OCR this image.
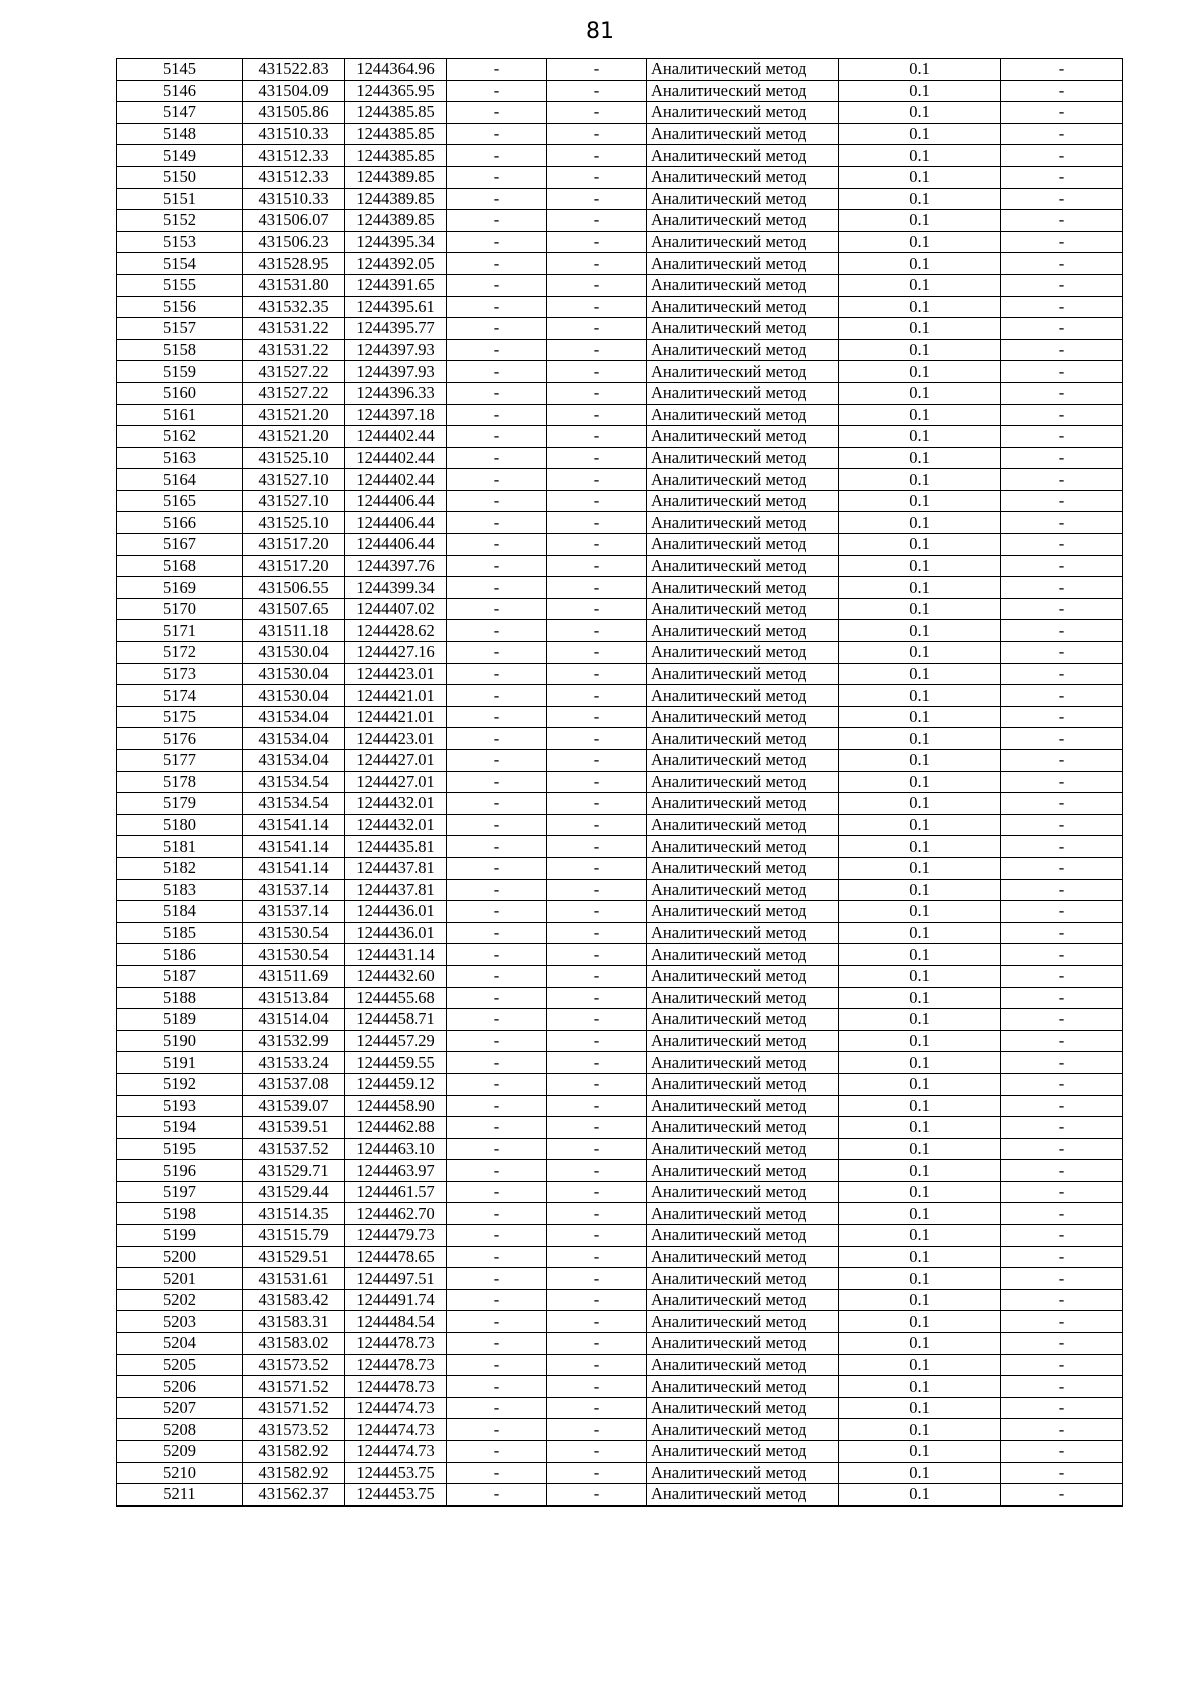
81
5145	431522.83	1244364.96	-	-	Аналитический метод	0.1	-
5146	431504.09	1244365.95	-	-	Аналитический метод	0.1	-
5147	431505.86	1244385.85	-	-	Аналитический метод	0.1	-
5148	431510.33	1244385.85	-	-	Аналитический метод	0.1	-
5149	431512.33	1244385.85	-	-	Аналитический метод	0.1	-
5150	431512.33	1244389.85	-	-	Аналитический метод	0.1	-
5151	431510.33	1244389.85	-	-	Аналитический метод	0.1	-
5152	431506.07	1244389.85	-	-	Аналитический метод	0.1	-
5153	431506.23	1244395.34	-	-	Аналитический метод	0.1	-
5154	431528.95	1244392.05	-	-	Аналитический метод	0.1	-
5155	431531.80	1244391.65	-	-	Аналитический метод	0.1	-
5156	431532.35	1244395.61	-	-	Аналитический метод	0.1	-
5157	431531.22	1244395.77	-	-	Аналитический метод	0.1	-
5158	431531.22	1244397.93	-	-	Аналитический метод	0.1	-
5159	431527.22	1244397.93	-	-	Аналитический метод	0.1	-
5160	431527.22	1244396.33	-	-	Аналитический метод	0.1	-
5161	431521.20	1244397.18	-	-	Аналитический метод	0.1	-
5162	431521.20	1244402.44	-	-	Аналитический метод	0.1	-
5163	431525.10	1244402.44	-	-	Аналитический метод	0.1	-
5164	431527.10	1244402.44	-	-	Аналитический метод	0.1	-
5165	431527.10	1244406.44	-	-	Аналитический метод	0.1	-
5166	431525.10	1244406.44	-	-	Аналитический метод	0.1	-
5167	431517.20	1244406.44	-	-	Аналитический метод	0.1	-
5168	431517.20	1244397.76	-	-	Аналитический метод	0.1	-
5169	431506.55	1244399.34	-	-	Аналитический метод	0.1	-
5170	431507.65	1244407.02	-	-	Аналитический метод	0.1	-
5171	431511.18	1244428.62	-	-	Аналитический метод	0.1	-
5172	431530.04	1244427.16	-	-	Аналитический метод	0.1	-
5173	431530.04	1244423.01	-	-	Аналитический метод	0.1	-
5174	431530.04	1244421.01	-	-	Аналитический метод	0.1	-
5175	431534.04	1244421.01	-	-	Аналитический метод	0.1	-
5176	431534.04	1244423.01	-	-	Аналитический метод	0.1	-
5177	431534.04	1244427.01	-	-	Аналитический метод	0.1	-
5178	431534.54	1244427.01	-	-	Аналитический метод	0.1	-
5179	431534.54	1244432.01	-	-	Аналитический метод	0.1	-
5180	431541.14	1244432.01	-	-	Аналитический метод	0.1	-
5181	431541.14	1244435.81	-	-	Аналитический метод	0.1	-
5182	431541.14	1244437.81	-	-	Аналитический метод	0.1	-
5183	431537.14	1244437.81	-	-	Аналитический метод	0.1	-
5184	431537.14	1244436.01	-	-	Аналитический метод	0.1	-
5185	431530.54	1244436.01	-	-	Аналитический метод	0.1	-
5186	431530.54	1244431.14	-	-	Аналитический метод	0.1	-
5187	431511.69	1244432.60	-	-	Аналитический метод	0.1	-
5188	431513.84	1244455.68	-	-	Аналитический метод	0.1	-
5189	431514.04	1244458.71	-	-	Аналитический метод	0.1	-
5190	431532.99	1244457.29	-	-	Аналитический метод	0.1	-
5191	431533.24	1244459.55	-	-	Аналитический метод	0.1	-
5192	431537.08	1244459.12	-	-	Аналитический метод	0.1	-
5193	431539.07	1244458.90	-	-	Аналитический метод	0.1	-
5194	431539.51	1244462.88	-	-	Аналитический метод	0.1	-
5195	431537.52	1244463.10	-	-	Аналитический метод	0.1	-
5196	431529.71	1244463.97	-	-	Аналитический метод	0.1	-
5197	431529.44	1244461.57	-	-	Аналитический метод	0.1	-
5198	431514.35	1244462.70	-	-	Аналитический метод	0.1	-
5199	431515.79	1244479.73	-	-	Аналитический метод	0.1	-
5200	431529.51	1244478.65	-	-	Аналитический метод	0.1	-
5201	431531.61	1244497.51	-	-	Аналитический метод	0.1	-
5202	431583.42	1244491.74	-	-	Аналитический метод	0.1	-
5203	431583.31	1244484.54	-	-	Аналитический метод	0.1	-
5204	431583.02	1244478.73	-	-	Аналитический метод	0.1	-
5205	431573.52	1244478.73	-	-	Аналитический метод	0.1	-
5206	431571.52	1244478.73	-	-	Аналитический метод	0.1	-
5207	431571.52	1244474.73	-	-	Аналитический метод	0.1	-
5208	431573.52	1244474.73	-	-	Аналитический метод	0.1	-
5209	431582.92	1244474.73	-	-	Аналитический метод	0.1	-
5210	431582.92	1244453.75	-	-	Аналитический метод	0.1	-
5211	431562.37	1244453.75	-	-	Аналитический метод	0.1	-
